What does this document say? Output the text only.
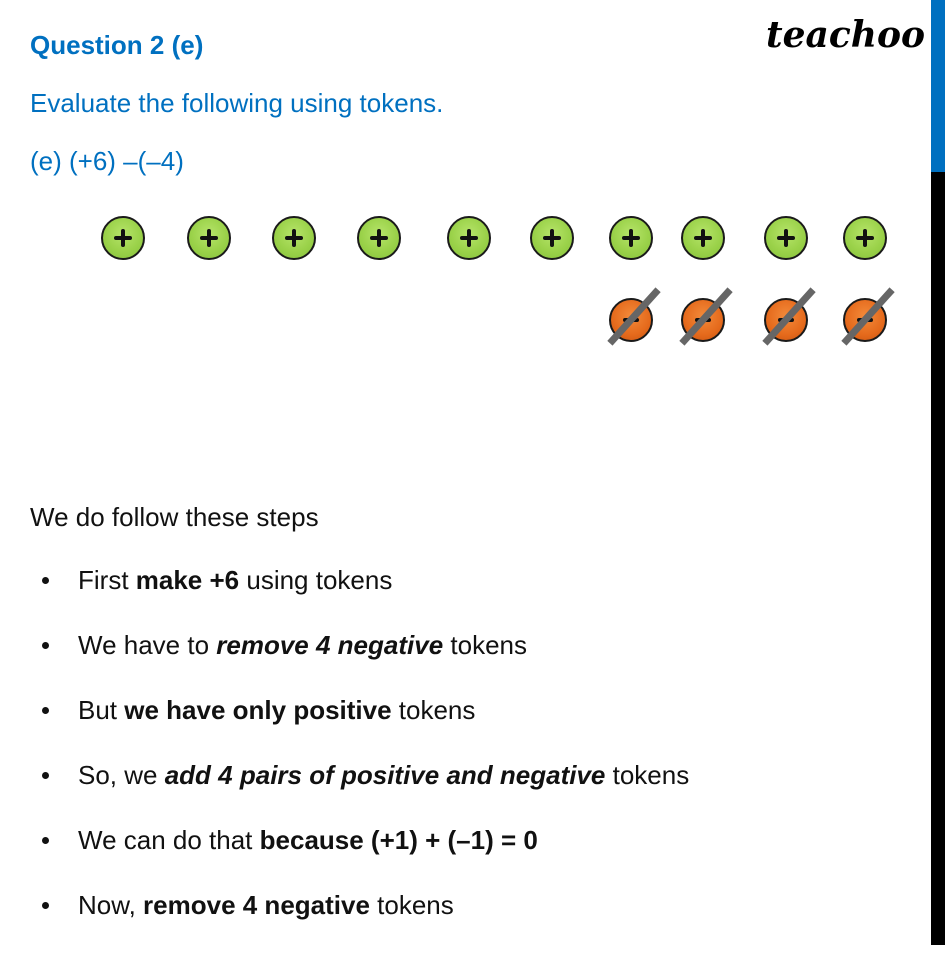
teachoo
Question 2 (e)
Evaluate the following using tokens.
(e) (+6) –(–4)
We do follow these steps
First make +6 using tokens
We have to remove 4 negative tokens
But we have only positive tokens
So, we add 4 pairs of positive and negative tokens
We can do that because (+1) + (–1) = 0
Now, remove 4 negative tokens
